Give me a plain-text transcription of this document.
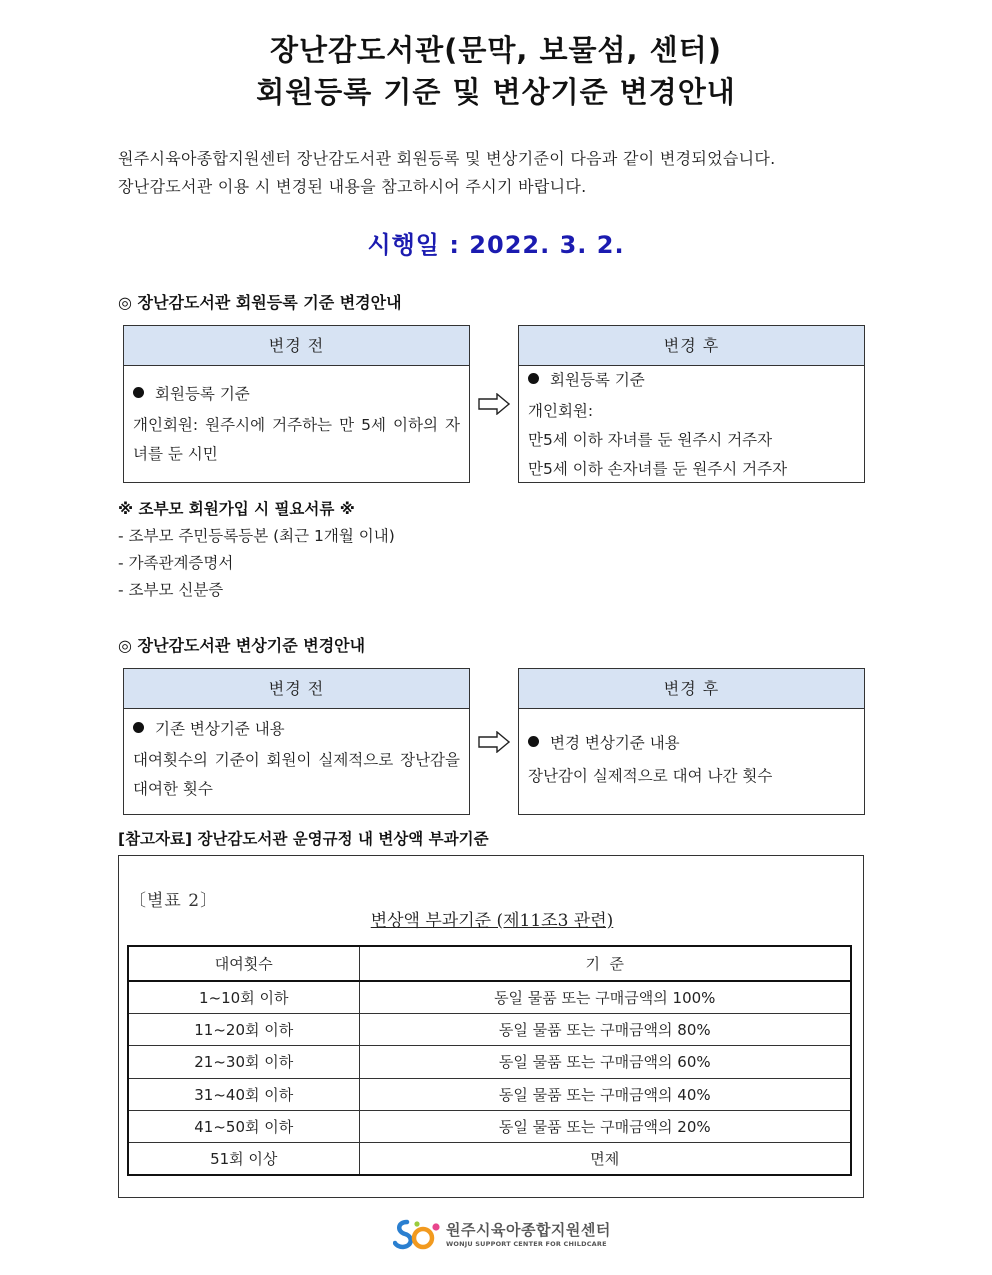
장난감도서관(문막, 보물섬, 센터)
회원등록 기준 및 변상기준 변경안내
원주시육아종합지원센터 장난감도서관 회원등록 및 변상기준이 다음과 같이 변경되었습니다.
장난감도서관 이용 시 변경된 내용을 참고하시어 주시기 바랍니다.
시행일 : 2022. 3. 2.
◎ 장난감도서관 회원등록 기준 변경안내
변경 전
회원등록 기준
개인회원: 원주시에 거주하는 만 5세 이하의 자녀를 둔 시민
변경 후
회원등록 기준
개인회원:
만5세 이하 자녀를 둔 원주시 거주자
만5세 이하 손자녀를 둔 원주시 거주자
※ 조부모 회원가입 시 필요서류 ※
- 조부모 주민등록등본 (최근 1개월 이내)
- 가족관계증명서
- 조부모 신분증
◎ 장난감도서관 변상기준 변경안내
변경 전
기존 변상기준 내용
대여횟수의 기준이 회원이 실제적으로 장난감을 대여한 횟수
변경 후
변경 변상기준 내용
장난감이 실제적으로 대여 나간 횟수
[참고자료] 장난감도서관 운영규정 내 변상액 부과기준
〔별표 2〕
변상액 부과기준 (제11조3 관련)
대여횟수	기  준
1~10회 이하	동일 물품 또는 구매금액의 100%
11~20회 이하	동일 물품 또는 구매금액의 80%
21~30회 이하	동일 물품 또는 구매금액의 60%
31~40회 이하	동일 물품 또는 구매금액의 40%
41~50회 이하	동일 물품 또는 구매금액의 20%
51회 이상	면제
원주시육아종합지원센터
WONJU SUPPORT CENTER FOR CHILDCARE
